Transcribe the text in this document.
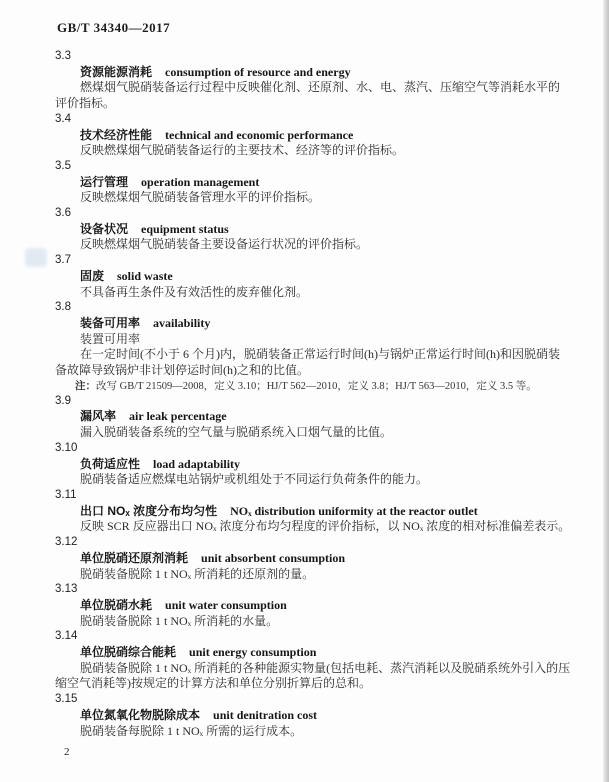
GB/T 34340—2017
3.3
资源能源消耗 consumption of resource and energy

燃煤烟气脱硝装备运行过程中反映催化剂、还原剂、水、电、蒸汽、压缩空气等消耗水平的评价指标。

3.4
技术经济性能 technical and economic performance

反映燃煤烟气脱硝装备运行的主要技术、经济等的评价指标。

3.5
运行管理 operation management

反映燃煤烟气脱硝装备管理水平的评价指标。

3.6
设备状况 equipment status

反映燃煤烟气脱硝装备主要设备运行状况的评价指标。

3.7
固废 solid waste

不具备再生条件及有效活性的废弃催化剂。

3.8
装备可用率 availability
装置可用率

在一定时间(不小于 6 个月)内，脱硝装备正常运行时间(h)与锅炉正常运行时间(h)和因脱硝装备故障导致锅炉非计划停运时间(h)之和的比值。

注：改写 GB/T 21509—2008，定义 3.10；HJ/T 562—2010，定义 3.8；HJ/T 563—2010，定义 3.5 等。
3.9
漏风率 air leak percentage

漏入脱硝装备系统的空气量与脱硝系统入口烟气量的比值。

3.10
负荷适应性 load adaptability

脱硝装备适应燃煤电站锅炉或机组处于不同运行负荷条件的能力。

3.11
出口 NOₓ 浓度分布均匀性 NOₓ distribution uniformity at the reactor outlet

反映 SCR 反应器出口 NOₓ 浓度分布均匀程度的评价指标，以 NOₓ 浓度的相对标准偏差表示。

3.12
单位脱硝还原剂消耗 unit absorbent consumption

脱硝装备脱除 1 t NOₓ 所消耗的还原剂的量。

3.13
单位脱硝水耗 unit water consumption

脱硝装备脱除 1 t NOₓ 所消耗的水量。

3.14
单位脱硝综合能耗 unit energy consumption

脱硝装备脱除 1 t NOₓ 所消耗的各种能源实物量(包括电耗、蒸汽消耗以及脱硝系统外引入的压缩空气消耗等)按规定的计算方法和单位分别折算后的总和。

3.15
单位氮氧化物脱除成本 unit denitration cost

脱硝装备每脱除 1 t NOₓ 所需的运行成本。

2
